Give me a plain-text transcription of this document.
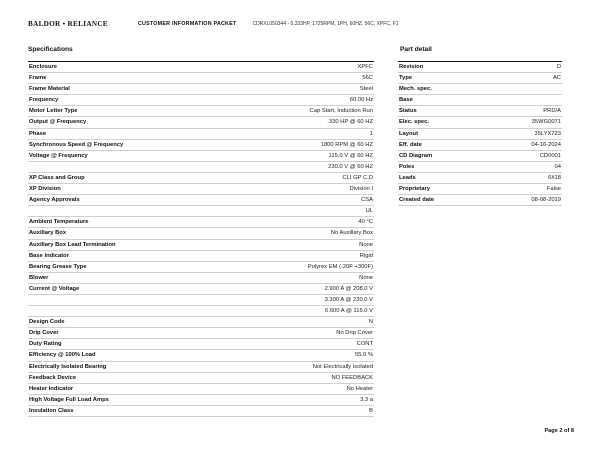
BALDOR • RELIANCE	CUSTOMER INFORMATION PACKET	CDRXL050344 - 0.333HP, 1725RPM, 1PH, 60HZ, 56C, XPFC, F1
Specifications	Part detail
Enclosure	XPFC
Frame	56C
Frame Material	Steel
Frequency	60.00 Hz
Motor Letter Type	Cap Start, Induction Run
Output @ Frequency	.330 HP @ 60 HZ
Phase	1
Synchronous Speed @ Frequency	1800 RPM @ 60 HZ
Voltage @ Frequency	115.0 V @ 60 HZ
	230.0 V @ 60 HZ
XP Class and Group	CLI GP C,D
XP Division	Division I
Agency Approvals	CSA
	UL
Ambient Temperature	40 °C
Auxillary Box	No Auxillary Box
Auxillary Box Lead Termination	None
Base Indicator	Rigid
Bearing Grease Type	Polyrex EM (-20F +300F)
Blower	None
Current @ Voltage	2.900 A @ 208.0 V
	3.300 A @ 230.0 V
	6.600 A @ 115.0 V
Design Code	N
Drip Cover	No Drip Cover
Duty Rating	CONT
Efficiency @ 100% Load	55.0 %
Electrically Isolated Bearing	Not Electrically Isolated
Feedback Device	NO FEEDBACK
Heater Indicator	No Heater
High Voltage Full Load Amps	3.3 a
Insulation Class	B
Revision	D
Type	AC
Mech. spec.	
Base	
Status	PRD/A
Elec. spec.	35WG0071
Layout	35LYX723
Eff. date	04-16-2024
CD Diagram	CD0001
Poles	04
Leads	6#18
Proprietary	False
Created date	08-08-2019
Page 2 of 8
